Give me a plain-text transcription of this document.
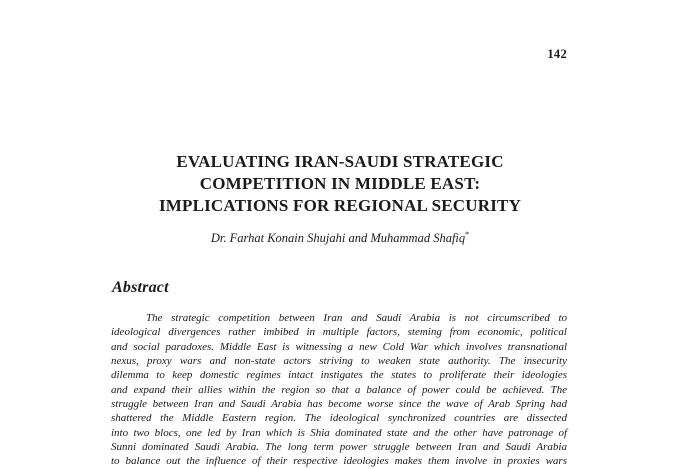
142
EVALUATING IRAN-SAUDI STRATEGIC
COMPETITION IN MIDDLE EAST:
IMPLICATIONS FOR REGIONAL SECURITY
Dr. Farhat Konain Shujahi and Muhammad Shafiq*
Abstract
The strategic competition between Iran and Saudi Arabia is not circumscribed to
ideological divergences rather imbibed in multiple factors, steming from economic, political
and social paradoxes. Middle East is witnessing a new Cold War which involves transnational
nexus, proxy wars and non-state actors striving to weaken state authority. The insecurity
dilemma to keep domestic regimes intact instigates the states to proliferate their ideologies
and expand their allies within the region so that a balance of power could be achieved. The
struggle between Iran and Saudi Arabia has become worse since the wave of Arab Spring had
shattered the Middle Eastern region. The ideological synchronized countries are dissected
into two blocs, one led by Iran which is Shia dominated state and the other have patronage of
Sunni dominated Saudi Arabia. The long term power struggle between Iran and Saudi Arabia
to balance out the influence of their respective ideologies makes them involve in proxies wars
